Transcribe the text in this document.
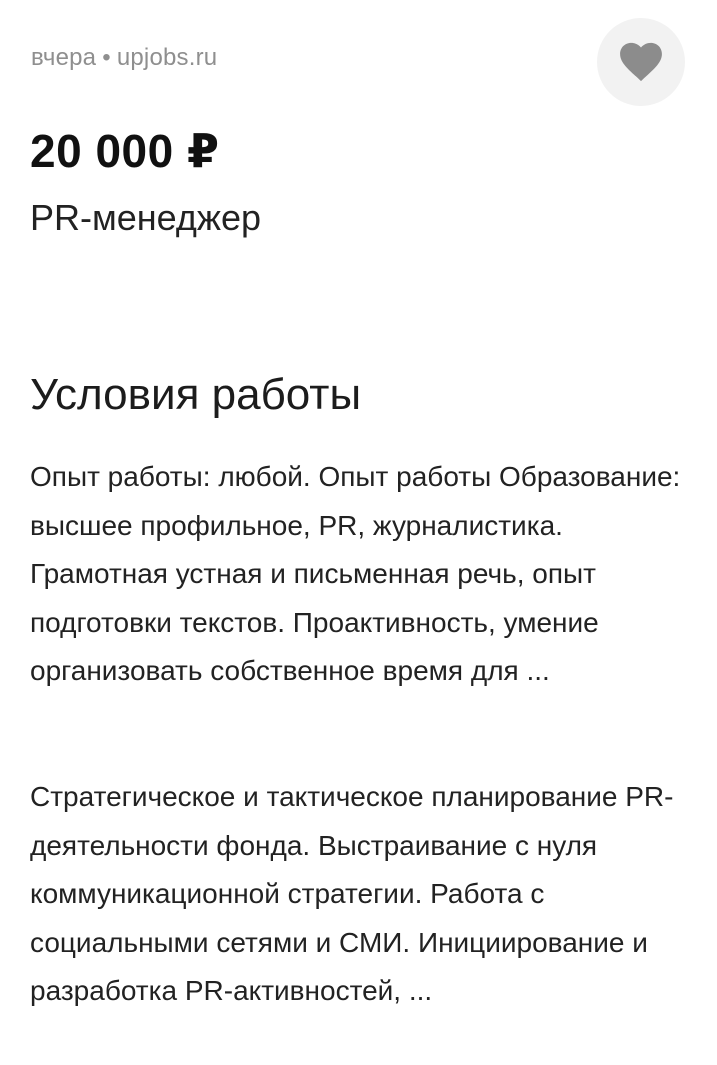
вчера • upjobs.ru
20 000 ₽
PR-менеджер
Условия работы

Опыт работы: любой. Опыт работы Образование: высшее профильное, PR, журналистика. Грамотная устная и письменная речь, опыт подготовки текстов. Проактивность, умение организовать собственное время для ...

Стратегическое и тактическое планирование PR-деятельности фонда. Выстраивание с нуля коммуникационной стратегии. Работа с социальными сетями и СМИ. Инициирование и разработка PR-активностей, ...
